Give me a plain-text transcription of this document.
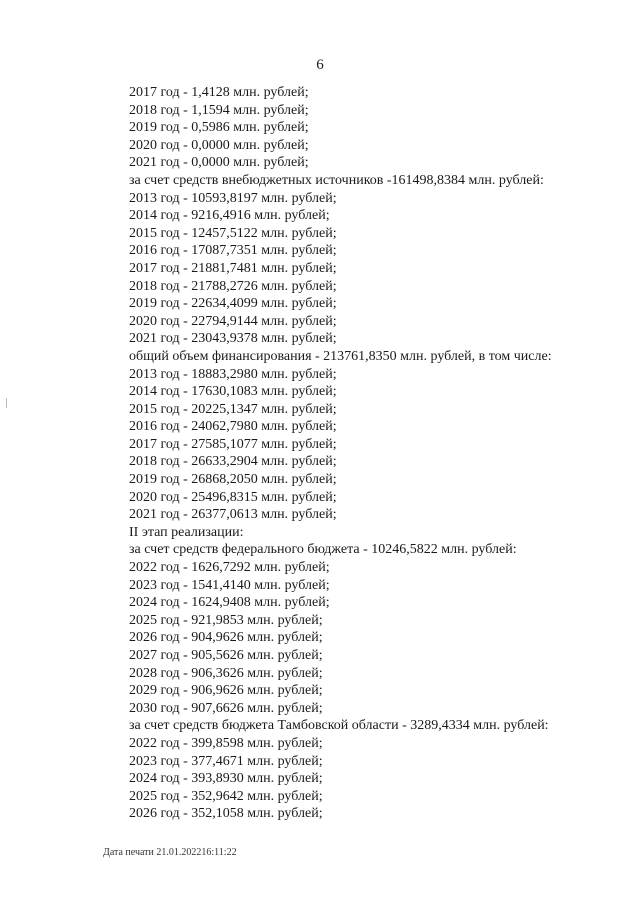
6
2017 год - 1,4128 млн. рублей;
2018 год - 1,1594 млн. рублей;
2019 год - 0,5986 млн. рублей;
2020 год - 0,0000 млн. рублей;
2021 год - 0,0000 млн. рублей;
за счет средств внебюджетных источников -161498,8384 млн. рублей:
2013 год - 10593,8197 млн. рублей;
2014 год - 9216,4916 млн. рублей;
2015 год - 12457,5122 млн. рублей;
2016 год - 17087,7351 млн. рублей;
2017 год - 21881,7481 млн. рублей;
2018 год - 21788,2726 млн. рублей;
2019 год - 22634,4099 млн. рублей;
2020 год - 22794,9144 млн. рублей;
2021 год - 23043,9378 млн. рублей;
общий объем финансирования - 213761,8350 млн. рублей, в том числе:
2013 год - 18883,2980 млн. рублей;
2014 год - 17630,1083 млн. рублей;
2015 год - 20225,1347 млн. рублей;
2016 год - 24062,7980 млн. рублей;
2017 год - 27585,1077 млн. рублей;
2018 год - 26633,2904 млн. рублей;
2019 год - 26868,2050 млн. рублей;
2020 год - 25496,8315 млн. рублей;
2021 год - 26377,0613 млн. рублей;
II этап реализации:
за счет средств федерального бюджета - 10246,5822 млн. рублей:
2022 год - 1626,7292 млн. рублей;
2023 год - 1541,4140 млн. рублей;
2024 год - 1624,9408 млн. рублей;
2025 год - 921,9853 млн. рублей;
2026 год - 904,9626 млн. рублей;
2027 год - 905,5626 млн. рублей;
2028 год - 906,3626 млн. рублей;
2029 год - 906,9626 млн. рублей;
2030 год - 907,6626 млн. рублей;
за счет средств бюджета Тамбовской области - 3289,4334 млн. рублей:
2022 год - 399,8598 млн. рублей;
2023 год - 377,4671 млн. рублей;
2024 год - 393,8930 млн. рублей;
2025 год - 352,9642 млн. рублей;
2026 год - 352,1058 млн. рублей;
Дата печати 21.01.202216:11:22
